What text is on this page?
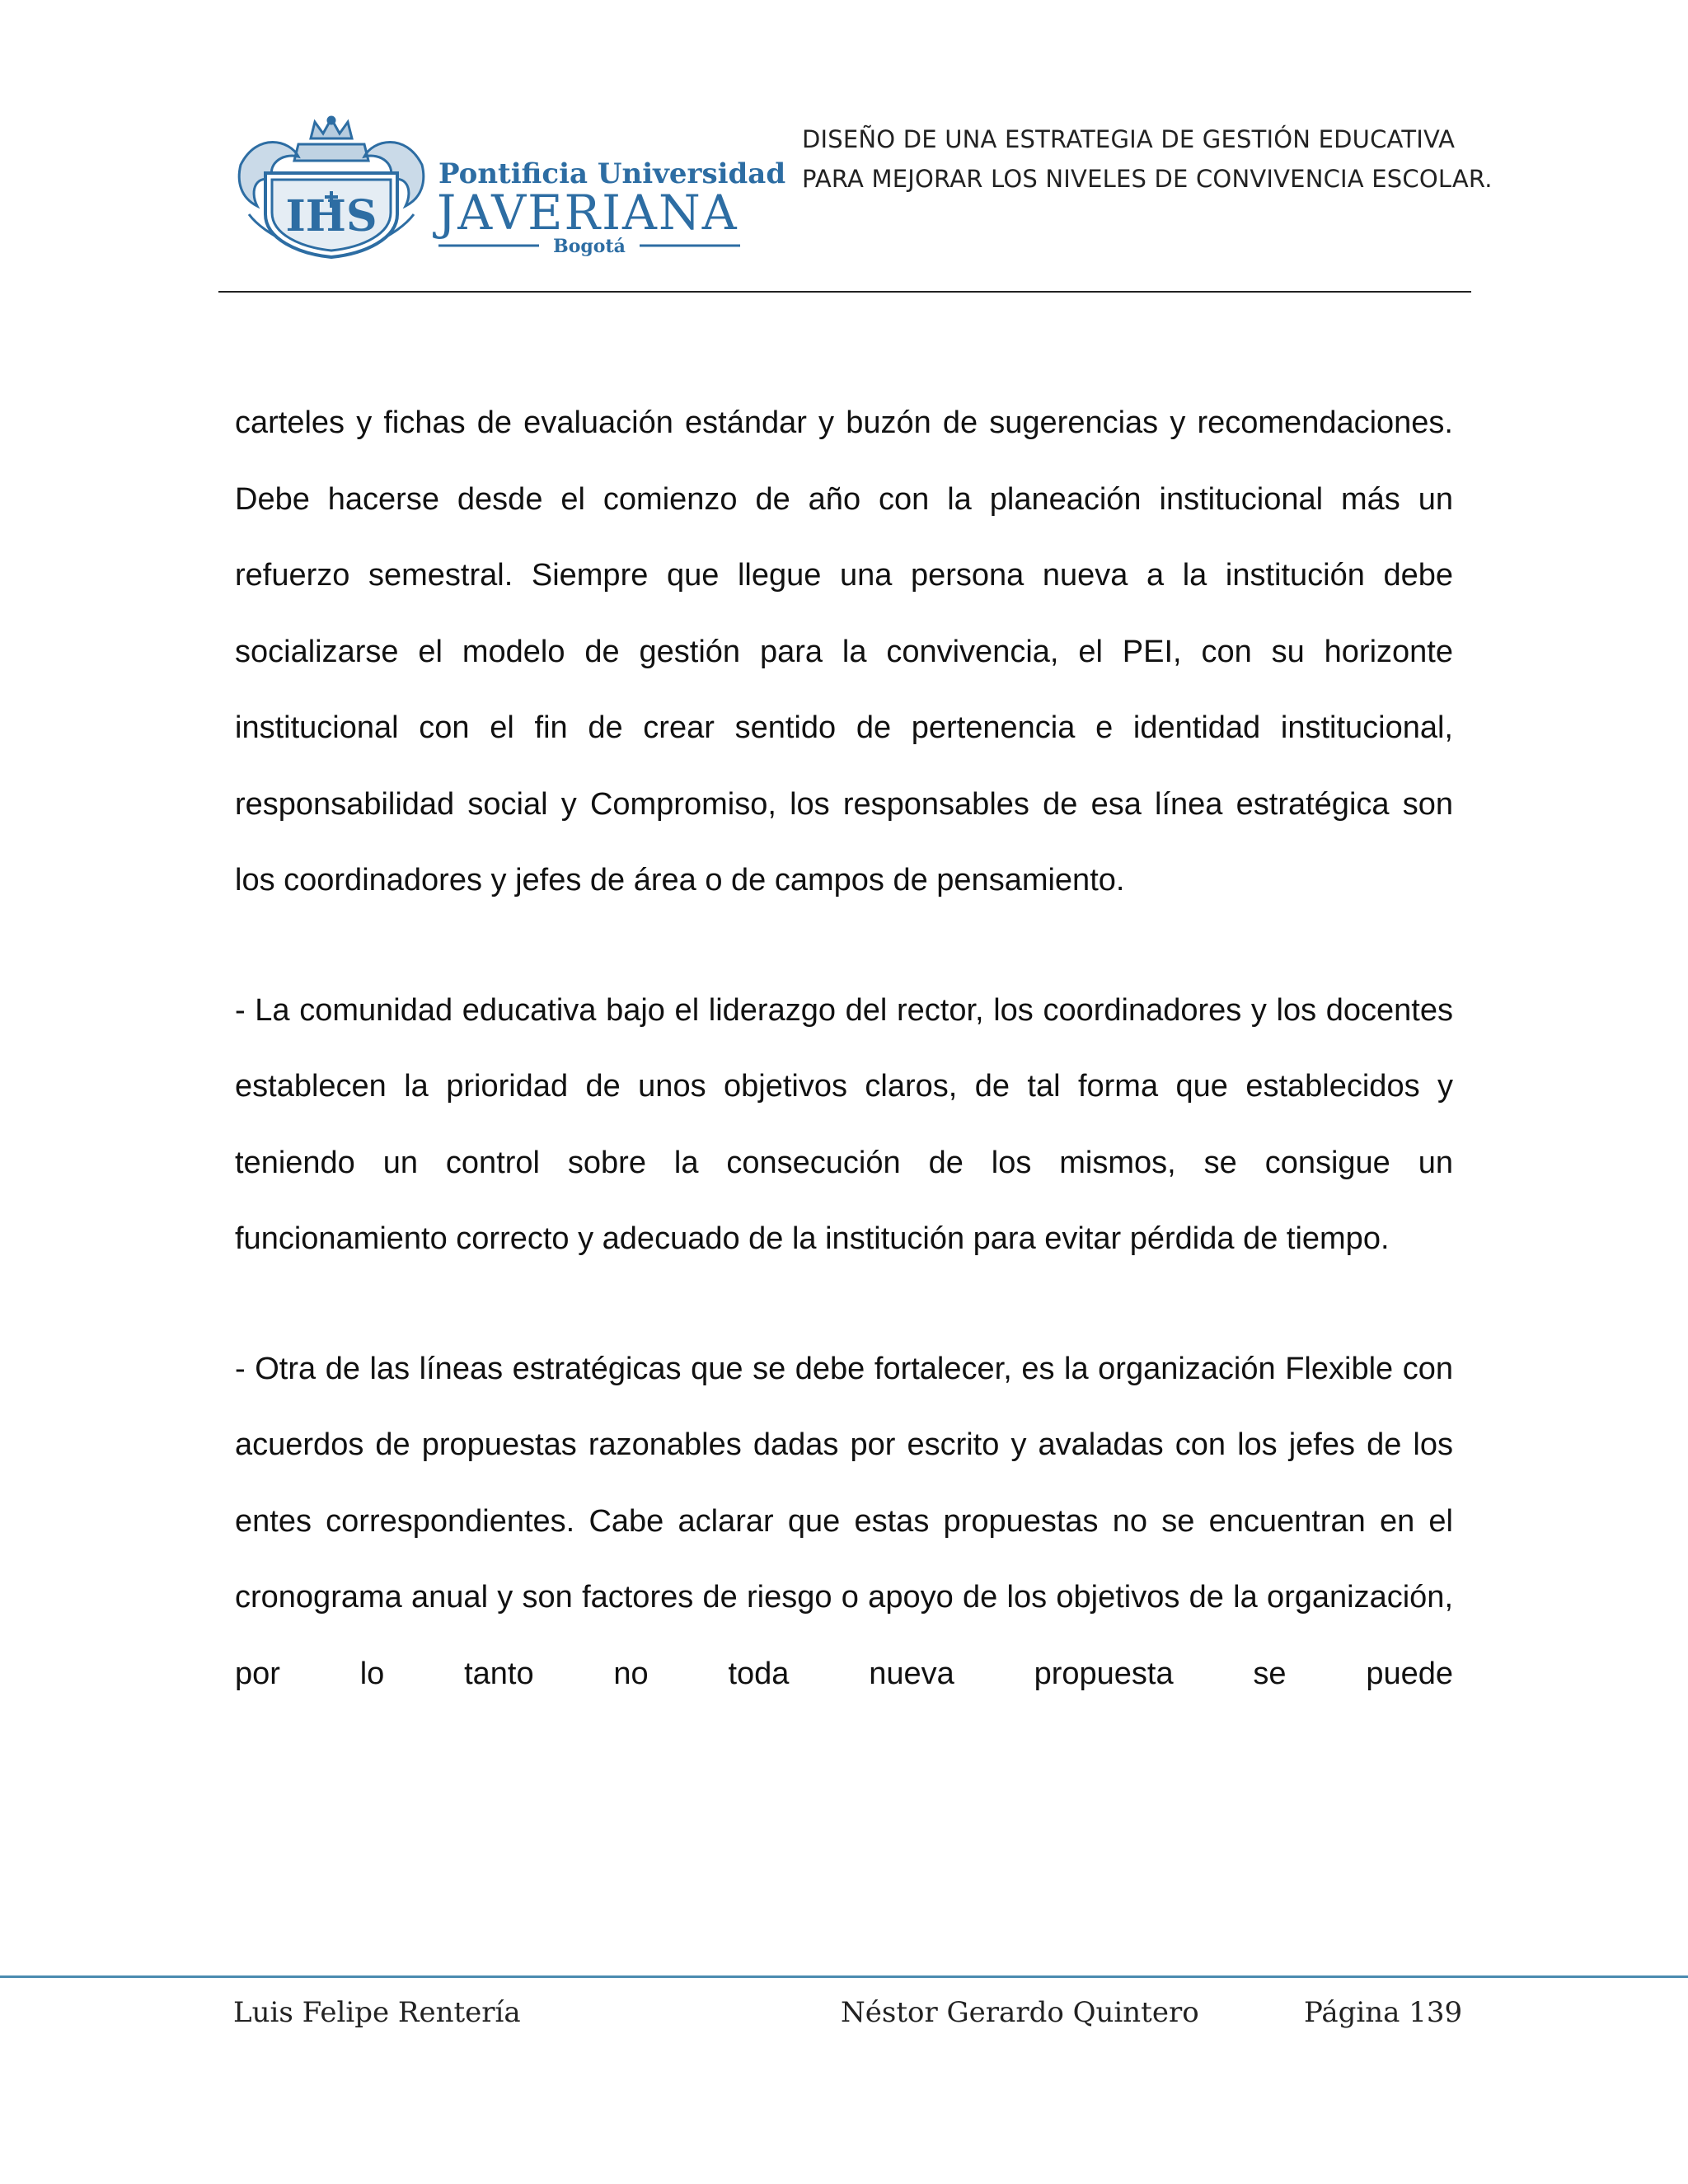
IHS
Pontificia Universidad
JAVERIANA
Bogotá
DISEÑO DE UNA ESTRATEGIA DE GESTIÓN EDUCATIVA
PARA MEJORAR LOS NIVELES DE CONVIVENCIA ESCOLAR.

carteles y fichas de evaluación estándar y buzón de sugerencias y recomendaciones. Debe hacerse desde el comienzo de año con la planeación institucional más un refuerzo semestral. Siempre que llegue una persona nueva a la institución debe socializarse el modelo de gestión para la convivencia, el PEI, con su horizonte institucional con el fin de crear sentido de pertenencia e identidad institucional, responsabilidad social y Compromiso, los responsables de esa línea estratégica son los coordinadores y jefes de área o de campos de pensamiento.

- La comunidad educativa bajo el liderazgo del rector, los coordinadores y los docentes establecen la prioridad de unos objetivos claros, de tal forma que establecidos y teniendo un control sobre la consecución de los mismos, se consigue un funcionamiento correcto y adecuado de la institución para evitar pérdida de tiempo.

- Otra de las líneas estratégicas que se debe fortalecer, es la organización Flexible con acuerdos de propuestas razonables dadas por escrito y avaladas con los jefes de los entes correspondientes. Cabe aclarar que estas propuestas no se encuentran en el cronograma anual y son factores de riesgo o apoyo de los objetivos de la organización, por lo tanto no toda nueva propuesta se puede

Luis Felipe Rentería	Néstor Gerardo Quintero	Página 139
